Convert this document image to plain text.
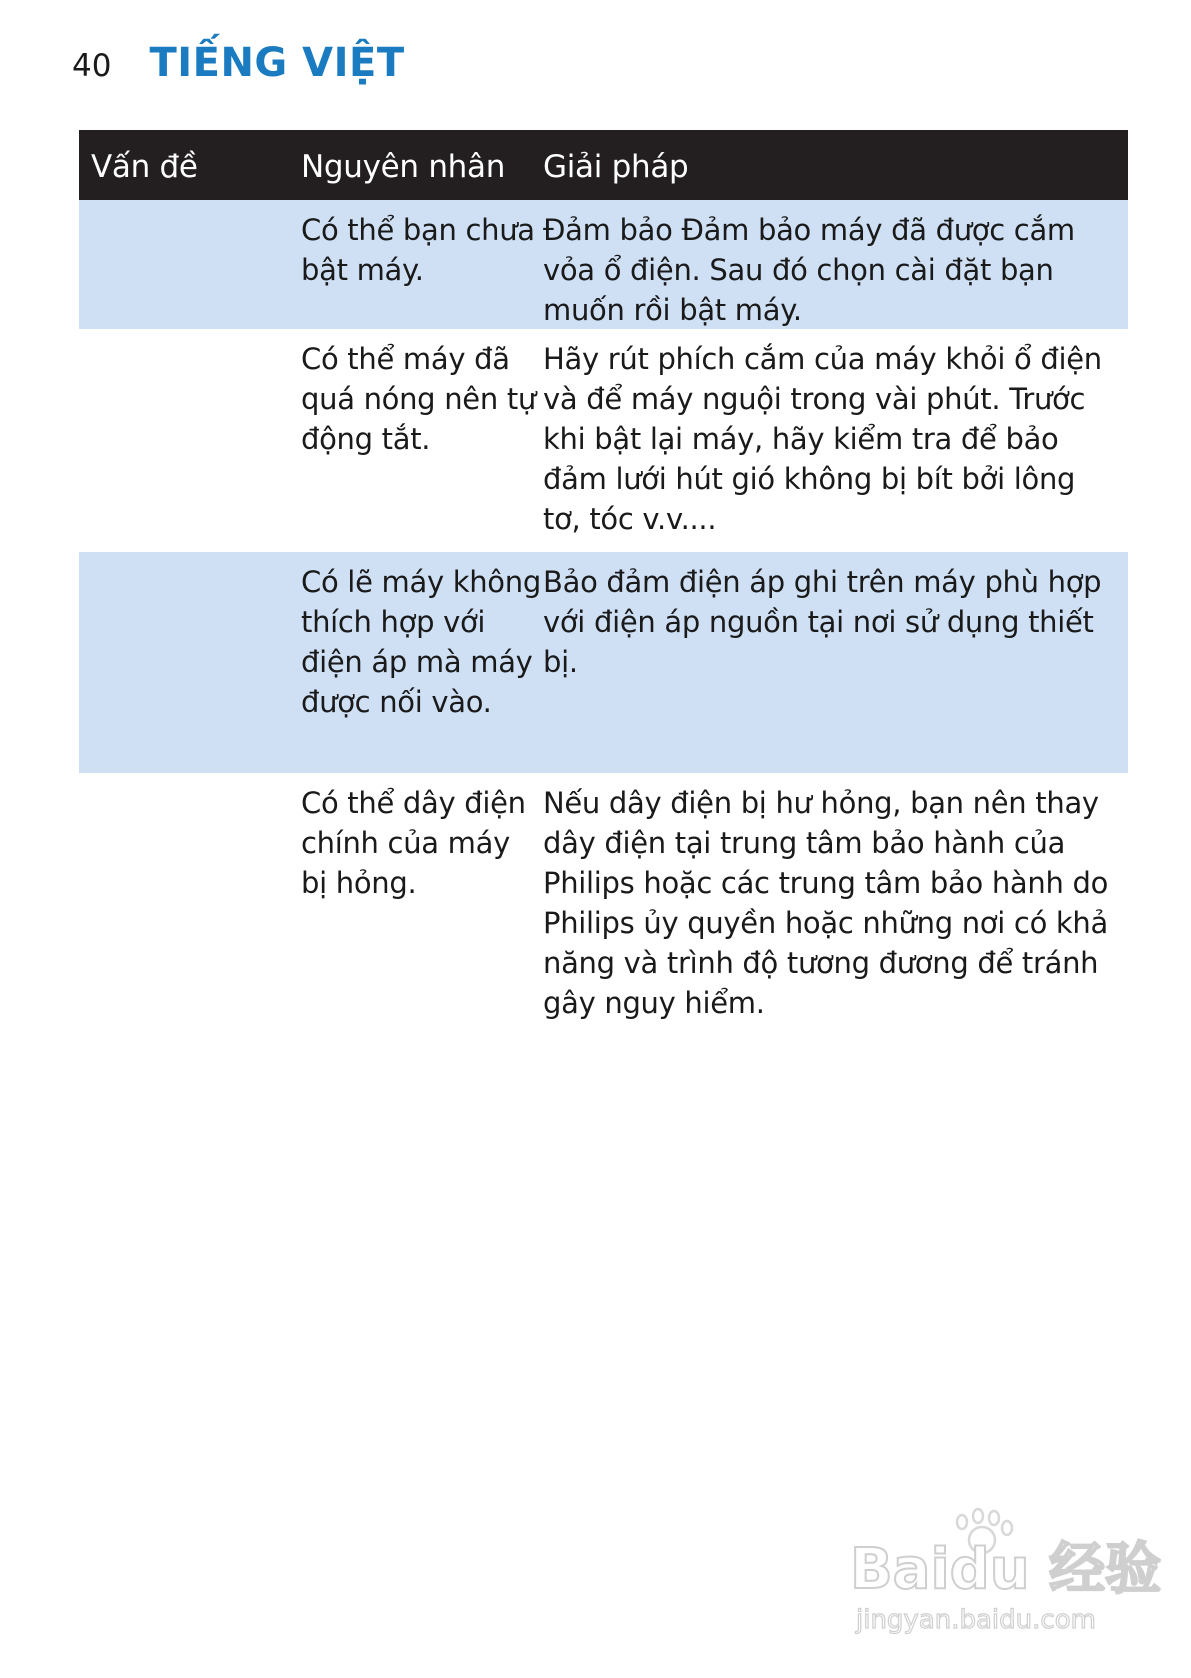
40 TIẾNG VIỆT
Vấn đề	Nguyên nhân	Giải pháp
Có thể bạn chưa bật máy.
Đảm bảo Đảm bảo máy đã được cắm vỏa ổ điện. Sau đó chọn cài đặt bạn muốn rồi bật máy.
Có thể máy đã quá nóng nên tự động tắt.
Hãy rút phích cắm của máy khỏi ổ điện và để máy nguội trong vài phút. Trước khi bật lại máy, hãy kiểm tra để bảo đảm lưới hút gió không bị bít bởi lông tơ, tóc v.v....
Có lẽ máy không thích hợp với điện áp mà máy được nối vào.
Bảo đảm điện áp ghi trên máy phù hợp với điện áp nguồn tại nơi sử dụng thiết bị.
Có thể dây điện chính của máy bị hỏng.
Nếu dây điện bị hư hỏng, bạn nên thay dây điện tại trung tâm bảo hành của Philips hoặc các trung tâm bảo hành do Philips ủy quyền hoặc những nơi có khả năng và trình độ tương đương để tránh gây nguy hiểm.
Baidu 经验
jingyan.baidu.com
